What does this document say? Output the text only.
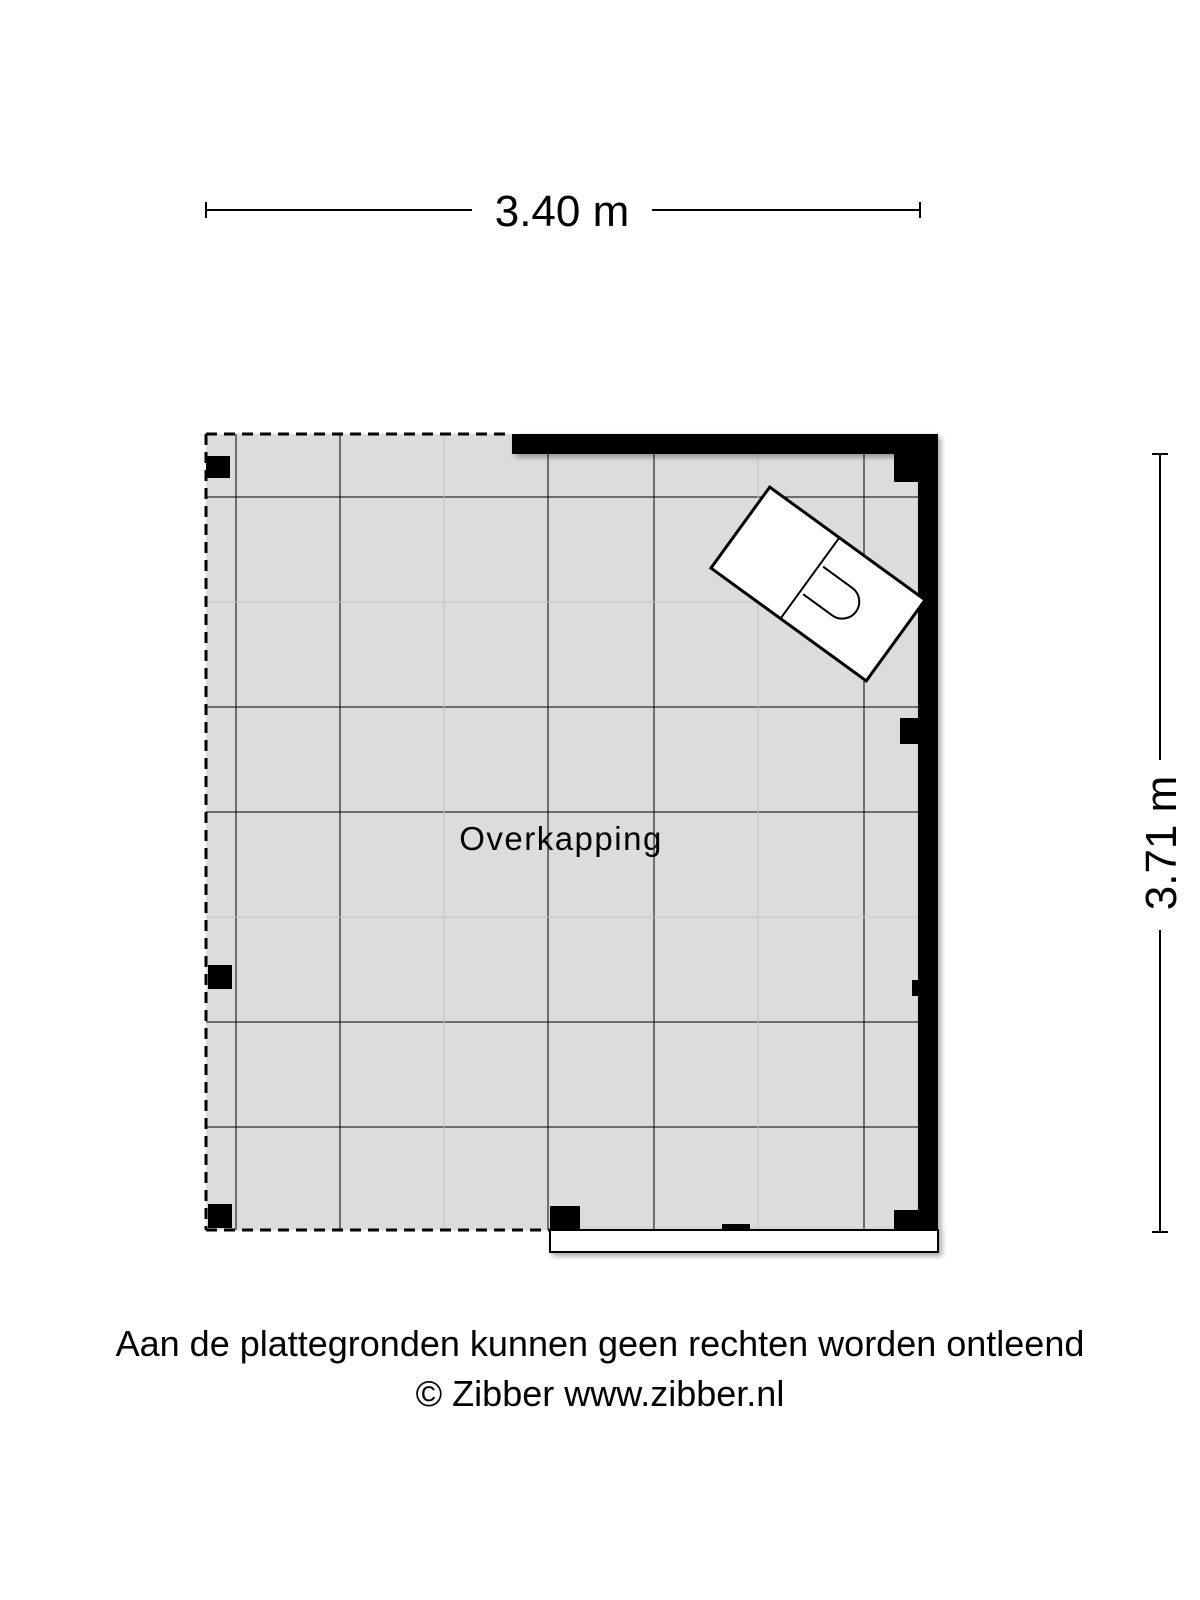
3.40 m
3.71 m
Overkapping
Aan de plattegronden kunnen geen rechten worden ontleend
© Zibber www.zibber.nl
